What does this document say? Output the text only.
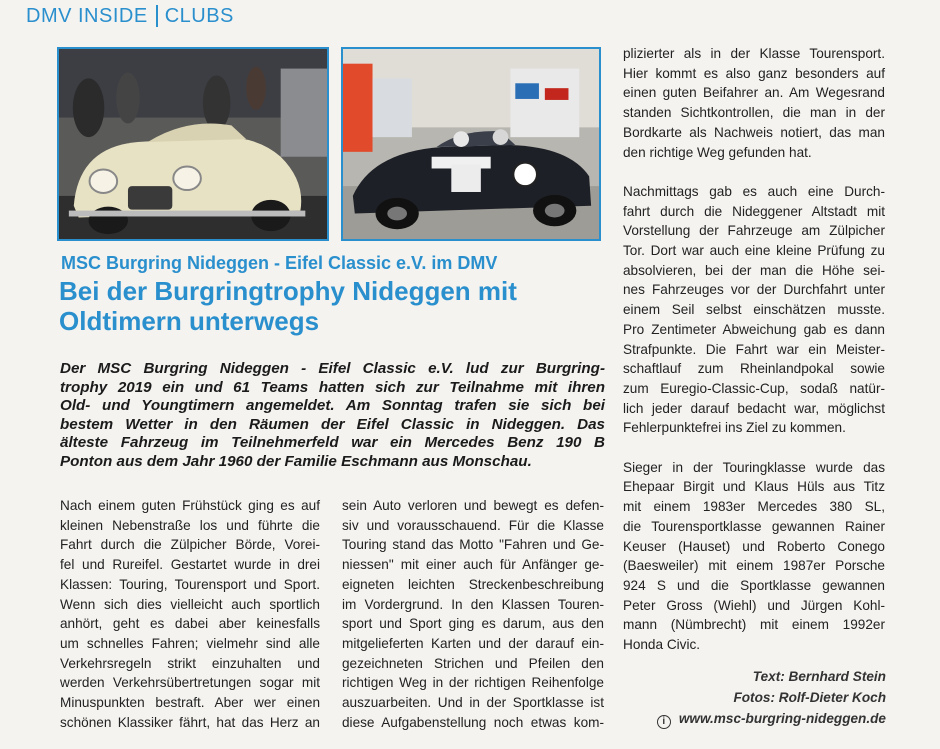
DMV INSIDE CLUBS
MSC Burgring Nideggen - Eifel Classic e.V. im DMV
Bei der Burgringtrophy Nideggen mit
Oldtimern unterwegs
Der MSC Burgring Nideggen - Eifel Classic e.V. lud zur Burgring-
trophy 2019 ein und 61 Teams hatten sich zur Teilnahme mit ihren
Old- und Youngtimern angemeldet. Am Sonntag trafen sie sich bei
bestem Wetter in den Räumen der Eifel Classic in Nideggen. Das
älteste Fahrzeug im Teilnehmerfeld war ein Mercedes Benz 190 B
Ponton aus dem Jahr 1960 der Familie Eschmann aus Monschau.
Nach einem guten Frühstück ging es auf
kleinen Nebenstraße los und führte die
Fahrt durch die Zülpicher Börde, Vorei-
fel und Rureifel. Gestartet wurde in drei
Klassen: Touring, Tourensport und Sport.
Wenn sich dies vielleicht auch sportlich
anhört, geht es dabei aber keinesfalls
um schnelles Fahren; vielmehr sind alle
Verkehrsregeln strikt einzuhalten und
werden Verkehrsübertretungen sogar mit
Minuspunkten bestraft. Aber wer einen
schönen Klassiker fährt, hat das Herz an
sein Auto verloren und bewegt es defen-
siv und vorausschauend. Für die Klasse
Touring stand das Motto "Fahren und Ge-
niessen" mit einer auch für Anfänger ge-
eigneten leichten Streckenbeschreibung
im Vordergrund. In den Klassen Touren-
sport und Sport ging es darum, aus den
mitgelieferten Karten und der darauf ein-
gezeichneten Strichen und Pfeilen den
richtigen Weg in der richtigen Reihenfolge
auszuarbeiten. Und in der Sportklasse ist
diese Aufgabenstellung noch etwas kom-
plizierter als in der Klasse Tourensport.
Hier kommt es also ganz besonders auf
einen guten Beifahrer an. Am Wegesrand
standen Sichtkontrollen, die man in der
Bordkarte als Nachweis notiert, das man
den richtige Weg gefunden hat.
Nachmittags gab es auch eine Durch-
fahrt durch die Nideggener Altstadt mit
Vorstellung der Fahrzeuge am Zülpicher
Tor. Dort war auch eine kleine Prüfung zu
absolvieren, bei der man die Höhe sei-
nes Fahrzeuges vor der Durchfahrt unter
einem Seil selbst einschätzen musste.
Pro Zentimeter Abweichung gab es dann
Strafpunkte. Die Fahrt war ein Meister-
schaftlauf zum Rheinlandpokal sowie
zum Euregio-Classic-Cup, sodaß natür-
lich jeder darauf bedacht war, möglichst
Fehlerpunktefrei ins Ziel zu kommen.
Sieger in der Touringklasse wurde das
Ehepaar Birgit und Klaus Hüls aus Titz
mit einem 1983er Mercedes 380 SL,
die Tourensportklasse gewannen Rainer
Keuser (Hauset) und Roberto Conego
(Baesweiler) mit einem 1987er Porsche
924 S und die Sportklasse gewannen
Peter Gross (Wiehl) und Jürgen Kohl-
mann (Nümbrecht) mit einem 1992er
Honda Civic.
Text: Bernhard Stein
Fotos: Rolf-Dieter Koch
i www.msc-burgring-nideggen.de
